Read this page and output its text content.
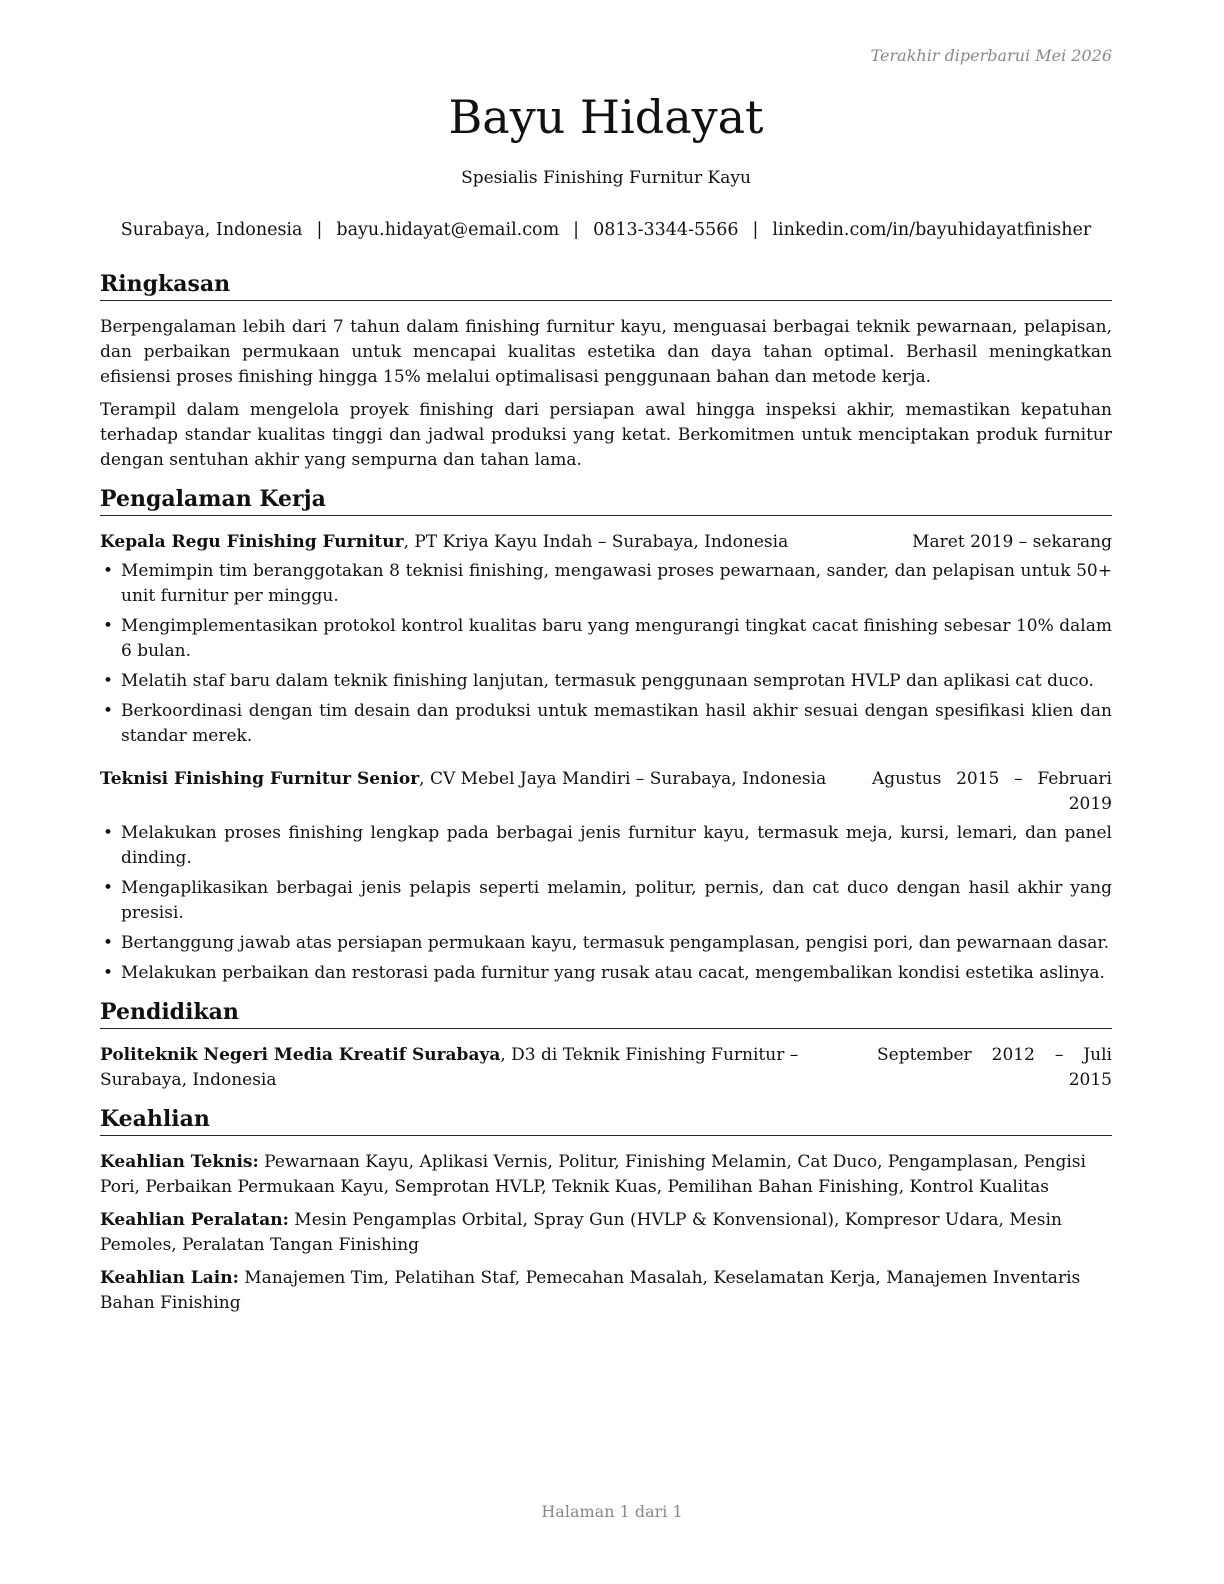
Terakhir diperbarui Mei 2026
Bayu Hidayat
Spesialis Finishing Furnitur Kayu
Surabaya, Indonesia | bayu.hidayat@email.com | 0813-3344-5566 | linkedin.com/in/bayuhidayatfinisher
Ringkasan

Berpengalaman lebih dari 7 tahun dalam finishing furnitur kayu, menguasai berbagai teknik pewarnaan, pelapisan, dan perbaikan permukaan untuk mencapai kualitas estetika dan daya tahan optimal. Berhasil meningkatkan efisiensi proses finishing hingga 15% melalui optimalisasi penggunaan bahan dan metode kerja.

Terampil dalam mengelola proyek finishing dari persiapan awal hingga inspeksi akhir, memastikan kepatuhan terhadap standar kualitas tinggi dan jadwal produksi yang ketat. Berkomitmen untuk menciptakan produk furnitur dengan sentuhan akhir yang sempurna dan tahan lama.

Pengalaman Kerja
Kepala Regu Finishing Furnitur, PT Kriya Kayu Indah – Surabaya, Indonesia	Maret 2019 – sekarang
• Memimpin tim beranggotakan 8 teknisi finishing, mengawasi proses pewarnaan, sander, dan pelapisan untuk 50+ unit furnitur per minggu.
• Mengimplementasikan protokol kontrol kualitas baru yang mengurangi tingkat cacat finishing sebesar 10% dalam 6 bulan.
• Melatih staf baru dalam teknik finishing lanjutan, termasuk penggunaan semprotan HVLP dan aplikasi cat duco.
• Berkoordinasi dengan tim desain dan produksi untuk memastikan hasil akhir sesuai dengan spesifikasi klien dan standar merek.
Teknisi Finishing Furnitur Senior, CV Mebel Jaya Mandiri – Surabaya, Indonesia	Agustus 2015 – Februari 2019
• Melakukan proses finishing lengkap pada berbagai jenis furnitur kayu, termasuk meja, kursi, lemari, dan panel dinding.
• Mengaplikasikan berbagai jenis pelapis seperti melamin, politur, pernis, dan cat duco dengan hasil akhir yang presisi.
• Bertanggung jawab atas persiapan permukaan kayu, termasuk pengamplasan, pengisi pori, dan pewarnaan dasar.
• Melakukan perbaikan dan restorasi pada furnitur yang rusak atau cacat, mengembalikan kondisi estetika aslinya.
Pendidikan
Politeknik Negeri Media Kreatif Surabaya, D3 di Teknik Finishing Furnitur – Surabaya, Indonesia
September 2012 – Juli 2015
Keahlian

Keahlian Teknis: Pewarnaan Kayu, Aplikasi Vernis, Politur, Finishing Melamin, Cat Duco, Pengamplasan, Pengisi Pori, Perbaikan Permukaan Kayu, Semprotan HVLP, Teknik Kuas, Pemilihan Bahan Finishing, Kontrol Kualitas

Keahlian Peralatan: Mesin Pengamplas Orbital, Spray Gun (HVLP & Konvensional), Kompresor Udara, Mesin Pemoles, Peralatan Tangan Finishing

Keahlian Lain: Manajemen Tim, Pelatihan Staf, Pemecahan Masalah, Keselamatan Kerja, Manajemen Inventaris Bahan Finishing

Halaman 1 dari 1
